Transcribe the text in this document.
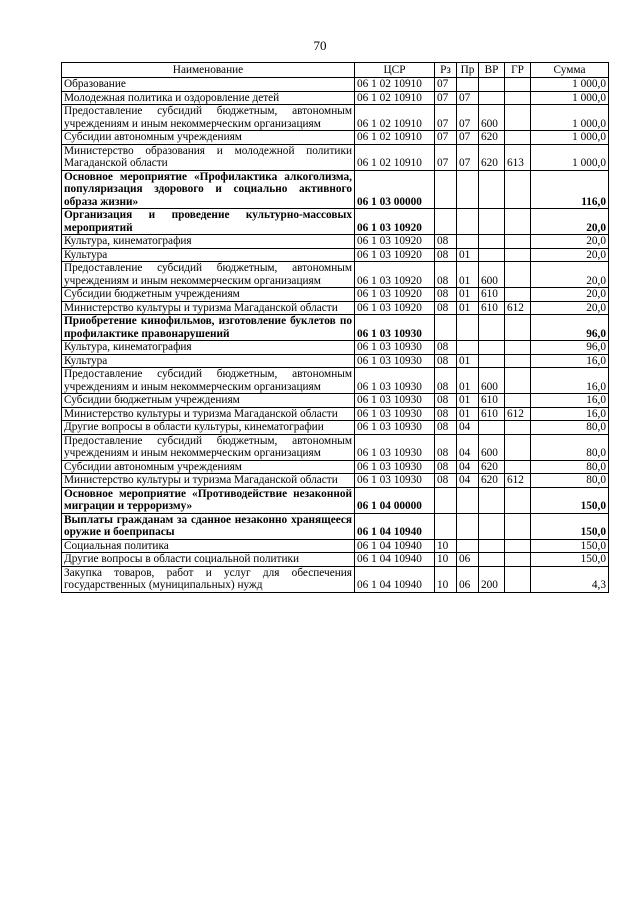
70
Наименование	ЦСР	Рз	Пр	ВР	ГР	Сумма
Образование	06 1 02 10910	07				1 000,0
Молодежная политика и оздоровление детей	06 1 02 10910	07	07			1 000,0
Предоставление субсидий бюджетным, автономным учреждениям и иным некоммерческим организациям	06 1 02 10910	07	07	600		1 000,0
Субсидии автономным учреждениям	06 1 02 10910	07	07	620		1 000,0
Министерство образования и молодежной политики Магаданской области	06 1 02 10910	07	07	620	613	1 000,0
Основное мероприятие «Профилактика алкоголизма, популяризация здорового и социально активного образа жизни»	06 1 03 00000					116,0
Организация и проведение культурно-массовых мероприятий	06 1 03 10920					20,0
Культура, кинематография	06 1 03 10920	08				20,0
Культура	06 1 03 10920	08	01			20,0
Предоставление субсидий бюджетным, автономным учреждениям и иным некоммерческим организациям	06 1 03 10920	08	01	600		20,0
Субсидии бюджетным учреждениям	06 1 03 10920	08	01	610		20,0
Министерство культуры и туризма Магаданской области	06 1 03 10920	08	01	610	612	20,0
Приобретение кинофильмов, изготовление буклетов по профилактике правонарушений	06 1 03 10930					96,0
Культура, кинематография	06 1 03 10930	08				96,0
Культура	06 1 03 10930	08	01			16,0
Предоставление субсидий бюджетным, автономным учреждениям и иным некоммерческим организациям	06 1 03 10930	08	01	600		16,0
Субсидии бюджетным учреждениям	06 1 03 10930	08	01	610		16,0
Министерство культуры и туризма Магаданской области	06 1 03 10930	08	01	610	612	16,0
Другие вопросы в области культуры, кинематографии	06 1 03 10930	08	04			80,0
Предоставление субсидий бюджетным, автономным учреждениям и иным некоммерческим организациям	06 1 03 10930	08	04	600		80,0
Субсидии автономным учреждениям	06 1 03 10930	08	04	620		80,0
Министерство культуры и туризма Магаданской области	06 1 03 10930	08	04	620	612	80,0
Основное мероприятие «Противодействие незаконной миграции и терроризму»	06 1 04 00000					150,0
Выплаты гражданам за сданное незаконно хранящееся оружие и боеприпасы	06 1 04 10940					150,0
Социальная политика	06 1 04 10940	10				150,0
Другие вопросы в области социальной политики	06 1 04 10940	10	06			150,0
Закупка товаров, работ и услуг для обеспечения государственных (муниципальных) нужд	06 1 04 10940	10	06	200		4,3
